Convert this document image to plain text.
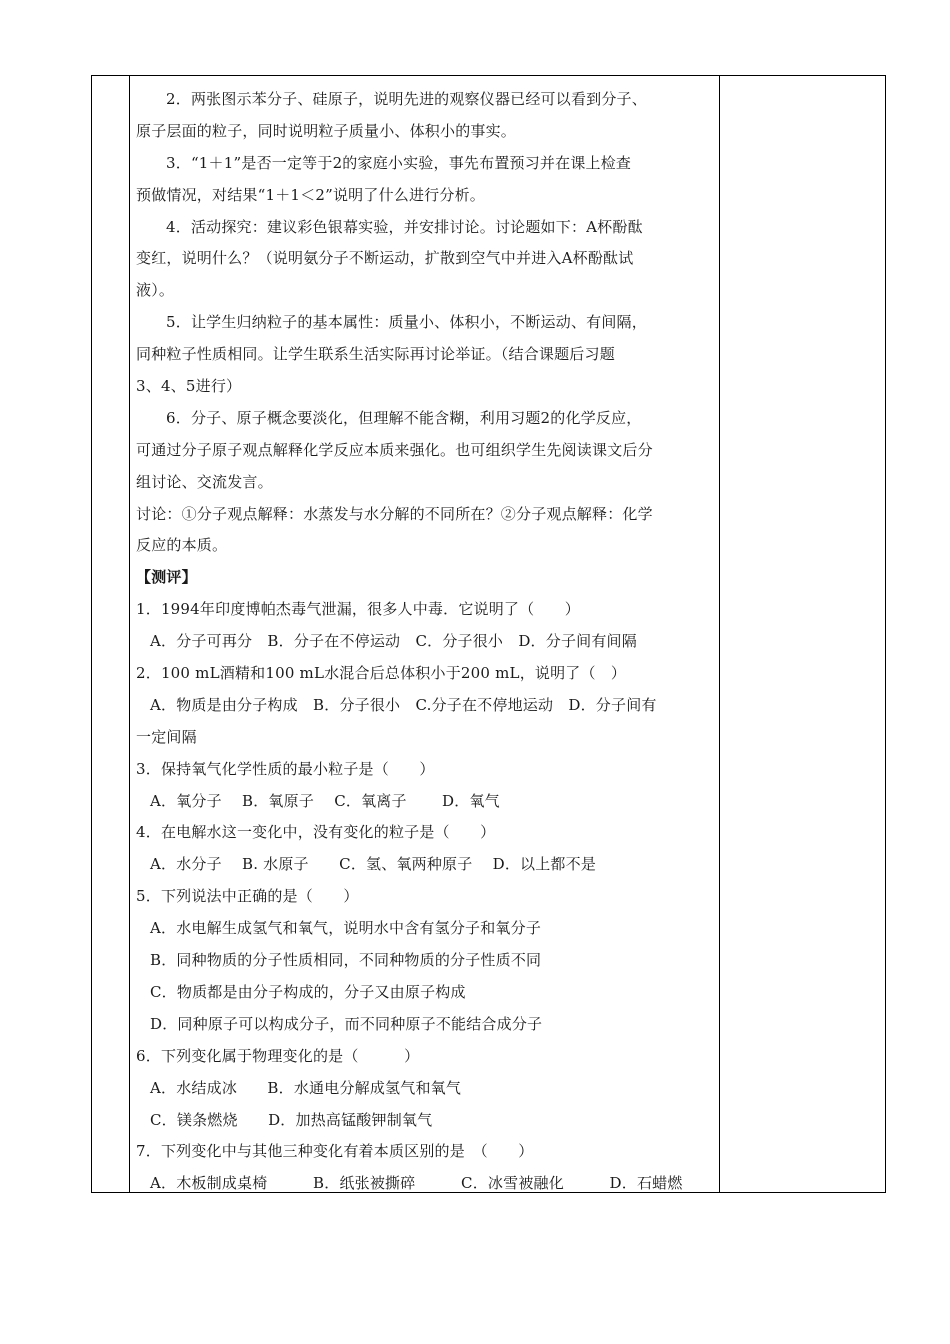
2．两张图示苯分子、硅原子，说明先进的观察仪器已经可以看到分子、
原子层面的粒子，同时说明粒子质量小、体积小的事实。
3．“1＋1”是否一定等于2的家庭小实验，事先布置预习并在课上检查
预做情况，对结果“1＋1＜2”说明了什么进行分析。
4．活动探究：建议彩色银幕实验，并安排讨论。讨论题如下：A杯酚酞
变红，说明什么？（说明氨分子不断运动，扩散到空气中并进入A杯酚酞试
液）。
5．让学生归纳粒子的基本属性：质量小、体积小，不断运动、有间隔，
同种粒子性质相同。让学生联系生活实际再讨论举证。（结合课题后习题
3、4、5进行）
6．分子、原子概念要淡化，但理解不能含糊，利用习题2的化学反应，
可通过分子原子观点解释化学反应本质来强化。也可组织学生先阅读课文后分
组讨论、交流发言。
讨论：①分子观点解释：水蒸发与水分解的不同所在？②分子观点解释：化学
反应的本质。
【测评】
1．1994年印度博帕杰毒气泄漏，很多人中毒．它说明了（　　）
A．分子可再分　B．分子在不停运动　C．分子很小　D．分子间有间隔
2．100 mL酒精和100 mL水混合后总体积小于200 mL，说明了（　）
A．物质是由分子构成　B．分子很小　C.分子在不停地运动　D．分子间有
一定间隔
3．保持氧气化学性质的最小粒子是（　　）
A．氧分子　 B．氧原子　 C．氧离子　　 D．氧气
4．在电解水这一变化中，没有变化的粒子是（　　）
A．水分子　 B. 水原子　　C．氢、氧两种原子　 D．以上都不是
5．下列说法中正确的是（　　）
A．水电解生成氢气和氧气，说明水中含有氢分子和氧分子
B．同种物质的分子性质相同，不同种物质的分子性质不同
C．物质都是由分子构成的，分子又由原子构成
D．同种原子可以构成分子，而不同种原子不能结合成分子
6．下列变化属于物理变化的是（　　　）
A．水结成冰　　B．水通电分解成氢气和氧气
C．镁条燃烧　　D．加热高锰酸钾制氧气
7．下列变化中与其他三种变化有着本质区别的是　（　　）
A．木板制成桌椅　　　B．纸张被撕碎　　　C．冰雪被融化　　　D．石蜡燃
